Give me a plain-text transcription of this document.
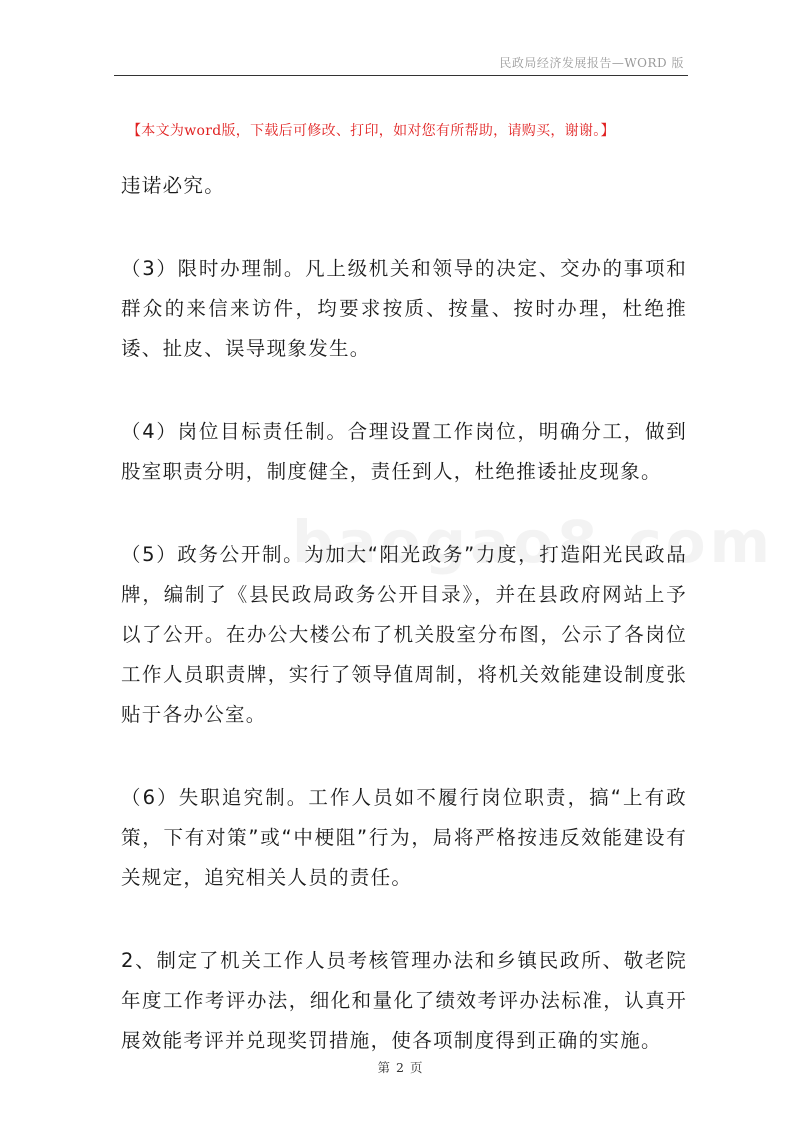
民政局经济发展报告—WORD 版
【本文为word版，下载后可修改、打印，如对您有所帮助，请购买，谢谢。】

违诺必究。

（3）限时办理制。凡上级机关和领导的决定、交办的事项和群众的来信来访件，均要求按质、按量、按时办理，杜绝推诿、扯皮、误导现象发生。

（4）岗位目标责任制。合理设置工作岗位，明确分工，做到股室职责分明，制度健全，责任到人，杜绝推诿扯皮现象。

（5）政务公开制。为加大“阳光政务”力度，打造阳光民政品牌，编制了《县民政局政务公开目录》，并在县政府网站上予以了公开。在办公大楼公布了机关股室分布图，公示了各岗位工作人员职责牌，实行了领导值周制，将机关效能建设制度张贴于各办公室。

（6）失职追究制。工作人员如不履行岗位职责，搞“上有政策，下有对策”或“中梗阻”行为，局将严格按违反效能建设有关规定，追究相关人员的责任。

2、制定了机关工作人员考核管理办法和乡镇民政所、敬老院年度工作考评办法，细化和量化了绩效考评办法标准，认真开展效能考评并兑现奖罚措施，使各项制度得到正确的实施。

第 2 页
